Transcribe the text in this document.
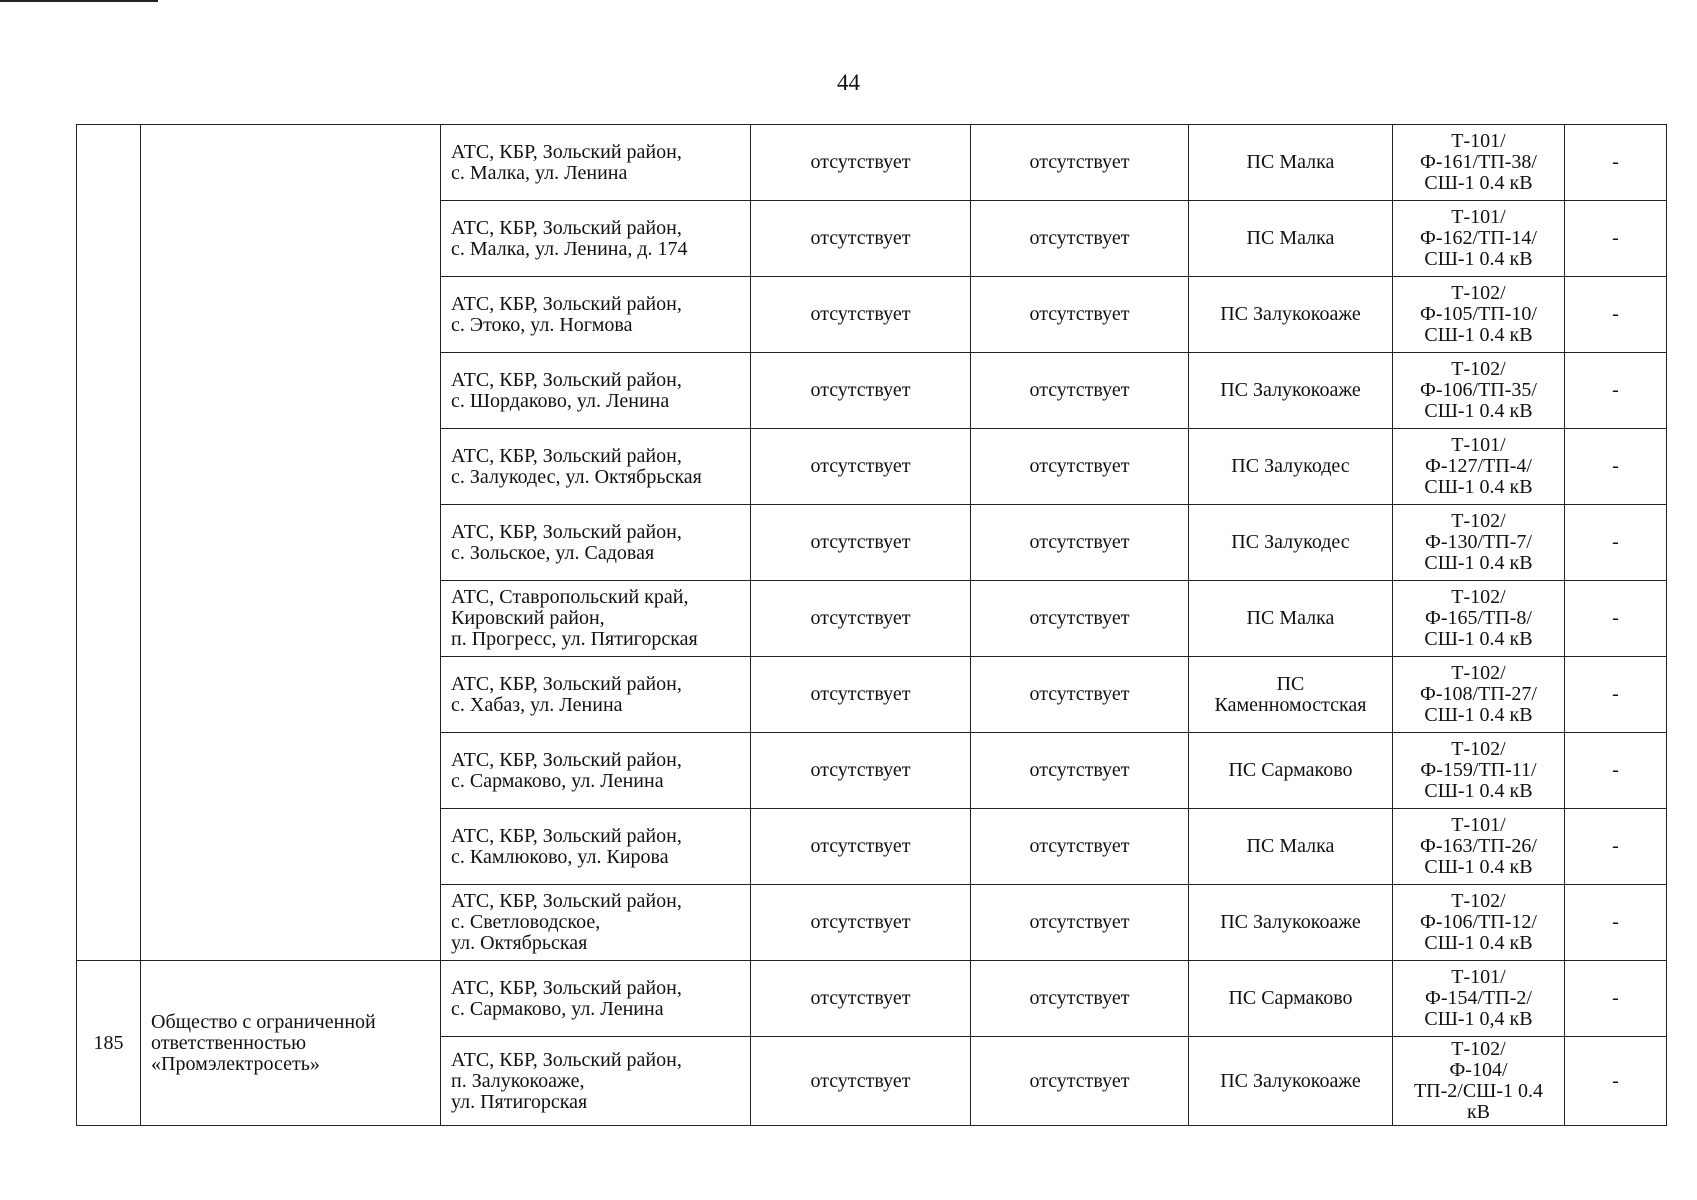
44
		АТС, КБР, Зольский район,
с. Малка, ул. Ленина	отсутствует	отсутствует	ПС Малка	Т-101/
Ф-161/ТП-38/
СШ-1 0.4 кВ	-
		АТС, КБР, Зольский район,
с. Малка, ул. Ленина, д. 174	отсутствует	отсутствует	ПС Малка	Т-101/
Ф-162/ТП-14/
СШ-1 0.4 кВ	-
		АТС, КБР, Зольский район,
с. Этоко, ул. Ногмова	отсутствует	отсутствует	ПС Залукокоаже	Т-102/
Ф-105/ТП-10/
СШ-1 0.4 кВ	-
		АТС, КБР, Зольский район,
с. Шордаково, ул. Ленина	отсутствует	отсутствует	ПС Залукокоаже	Т-102/
Ф-106/ТП-35/
СШ-1 0.4 кВ	-
		АТС, КБР, Зольский район,
с. Залукодес, ул. Октябрьская	отсутствует	отсутствует	ПС Залукодес	Т-101/
Ф-127/ТП-4/
СШ-1 0.4 кВ	-
		АТС, КБР, Зольский район,
с. Зольское, ул. Садовая	отсутствует	отсутствует	ПС Залукодес	Т-102/
Ф-130/ТП-7/
СШ-1 0.4 кВ	-
		АТС, Ставропольский край,
Кировский район,
п. Прогресс, ул. Пятигорская	отсутствует	отсутствует	ПС Малка	Т-102/
Ф-165/ТП-8/
СШ-1 0.4 кВ	-
		АТС, КБР, Зольский район,
с. Хабаз, ул. Ленина	отсутствует	отсутствует	ПС
Каменномостская	Т-102/
Ф-108/ТП-27/
СШ-1 0.4 кВ	-
		АТС, КБР, Зольский район,
с. Сармаково, ул. Ленина	отсутствует	отсутствует	ПС Сармаково	Т-102/
Ф-159/ТП-11/
СШ-1 0.4 кВ	-
		АТС, КБР, Зольский район,
с. Камлюково, ул. Кирова	отсутствует	отсутствует	ПС Малка	Т-101/
Ф-163/ТП-26/
СШ-1 0.4 кВ	-
		АТС, КБР, Зольский район,
с. Светловодское,
ул. Октябрьская	отсутствует	отсутствует	ПС Залукокоаже	Т-102/
Ф-106/ТП-12/
СШ-1 0.4 кВ	-
185	Общество с ограниченной
ответственностью
«Промэлектросеть»	АТС, КБР, Зольский район,
с. Сармаково, ул. Ленина	отсутствует	отсутствует	ПС Сармаково	Т-101/
Ф-154/ТП-2/
СШ-1 0,4 кВ	-
		АТС, КБР, Зольский район,
п. Залукокоаже,
ул. Пятигорская	отсутствует	отсутствует	ПС Залукокоаже	Т-102/
Ф-104/
ТП-2/СШ-1 0.4
кВ	-
